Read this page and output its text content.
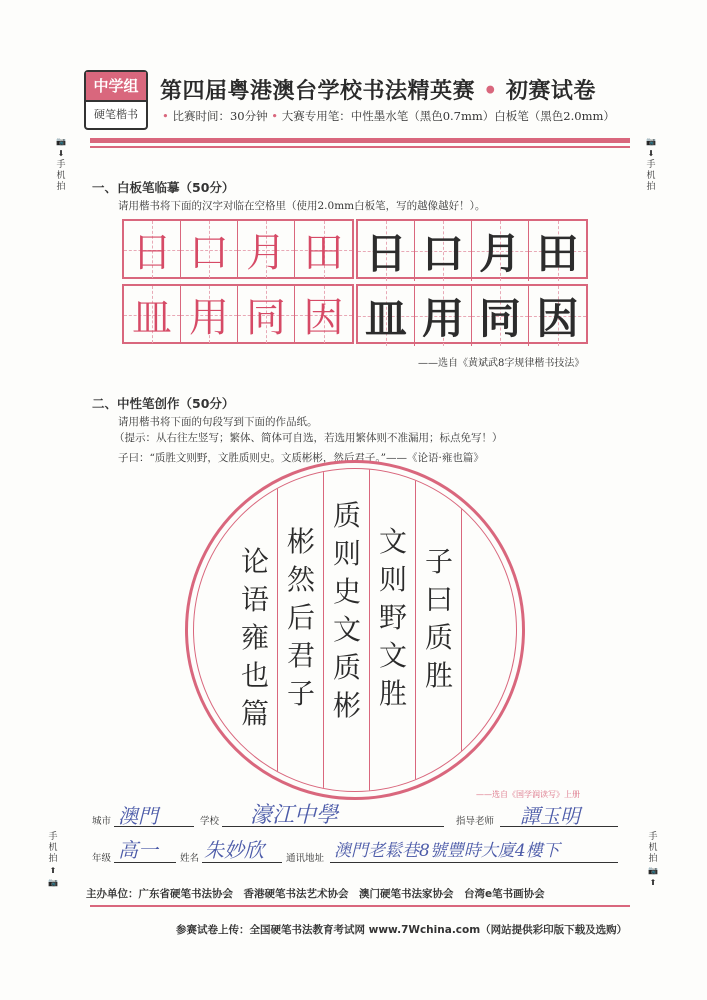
中学组
硬笔楷书
第四届粤港澳台学校书法精英赛 • 初赛试卷
• 比赛时间：30分钟 • 大赛专用笔：中性墨水笔（黑色0.7mm）白板笔（黑色2.0mm）
📷 ⬇
手
机
拍
📷 ⬇
手
机
拍
手
机
拍
⬆ 📷
手
机
拍
📷 ⬆
一、白板笔临摹（50分）
请用楷书将下面的汉字对临在空格里（使用2.0mm白板笔，写的越像越好！）。
日 口 月 田 日 口 月 田
皿 用 同 因 皿 用 同 因
——选自《黄斌武8字规律楷书技法》
二、中性笔创作（50分）
请用楷书将下面的句段写到下面的作品纸。
（提示：从右往左竖写；繁体、简体可自选，若选用繁体则不准漏用；标点免写！）
子曰：“质胜文则野，文胜质则史。文质彬彬，然后君子。”——《论语·雍也篇》
子
曰
质
胜
文
则
野
文
胜
质
则
史
文
质
彬
彬
然
后
君
子
论
语
雍
也
篇
——选自《国学润读写》上册
城市 澳門	学校 濠江中學	指导老师 譚玉明
年级 高一 姓名 朱妙欣 通讯地址 澳門老鬆巷8號豐時大廈4樓下
主办单位：广东省硬笔书法协会　香港硬笔书法艺术协会　澳门硬笔书法家协会　台湾e笔书画协会
参赛试卷上传：全国硬笔书法教育考试网 www.7Wchina.com（网站提供彩印版下载及选购）
